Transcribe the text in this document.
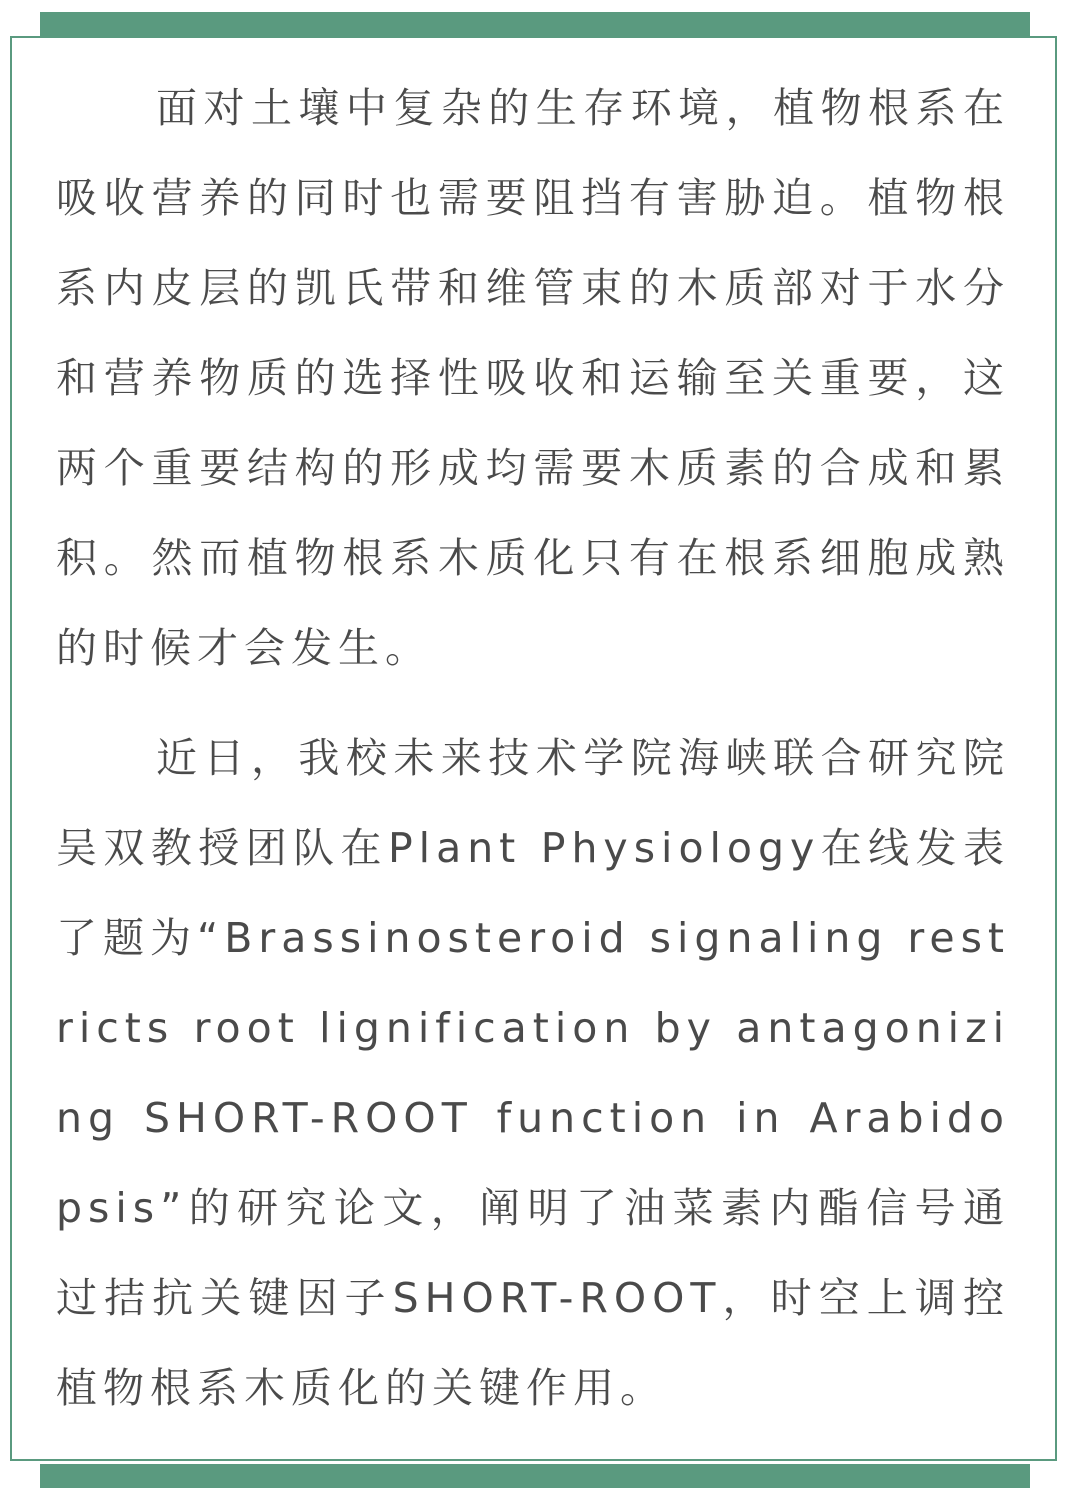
面对土壤中复杂的生存环境，植物根系在吸收营养的同时也需要阻挡有害胁迫。植物根系内皮层的凯氏带和维管束的木质部对于水分和营养物质的选择性吸收和运输至关重要，这两个重要结构的形成均需要木质素的合成和累积。然而植物根系木质化只有在根系细胞成熟的时候才会发生。

近日，我校未来技术学院海峡联合研究院吴双教授团队在Plant Physiology在线发表了题为“Brassinosteroid signaling restricts root lignification by antagonizing SHORT-ROOT function in Arabidopsis”的研究论文，阐明了油菜素内酯信号通过拮抗关键因子SHORT-ROOT，时空上调控植物根系木质化的关键作用。
